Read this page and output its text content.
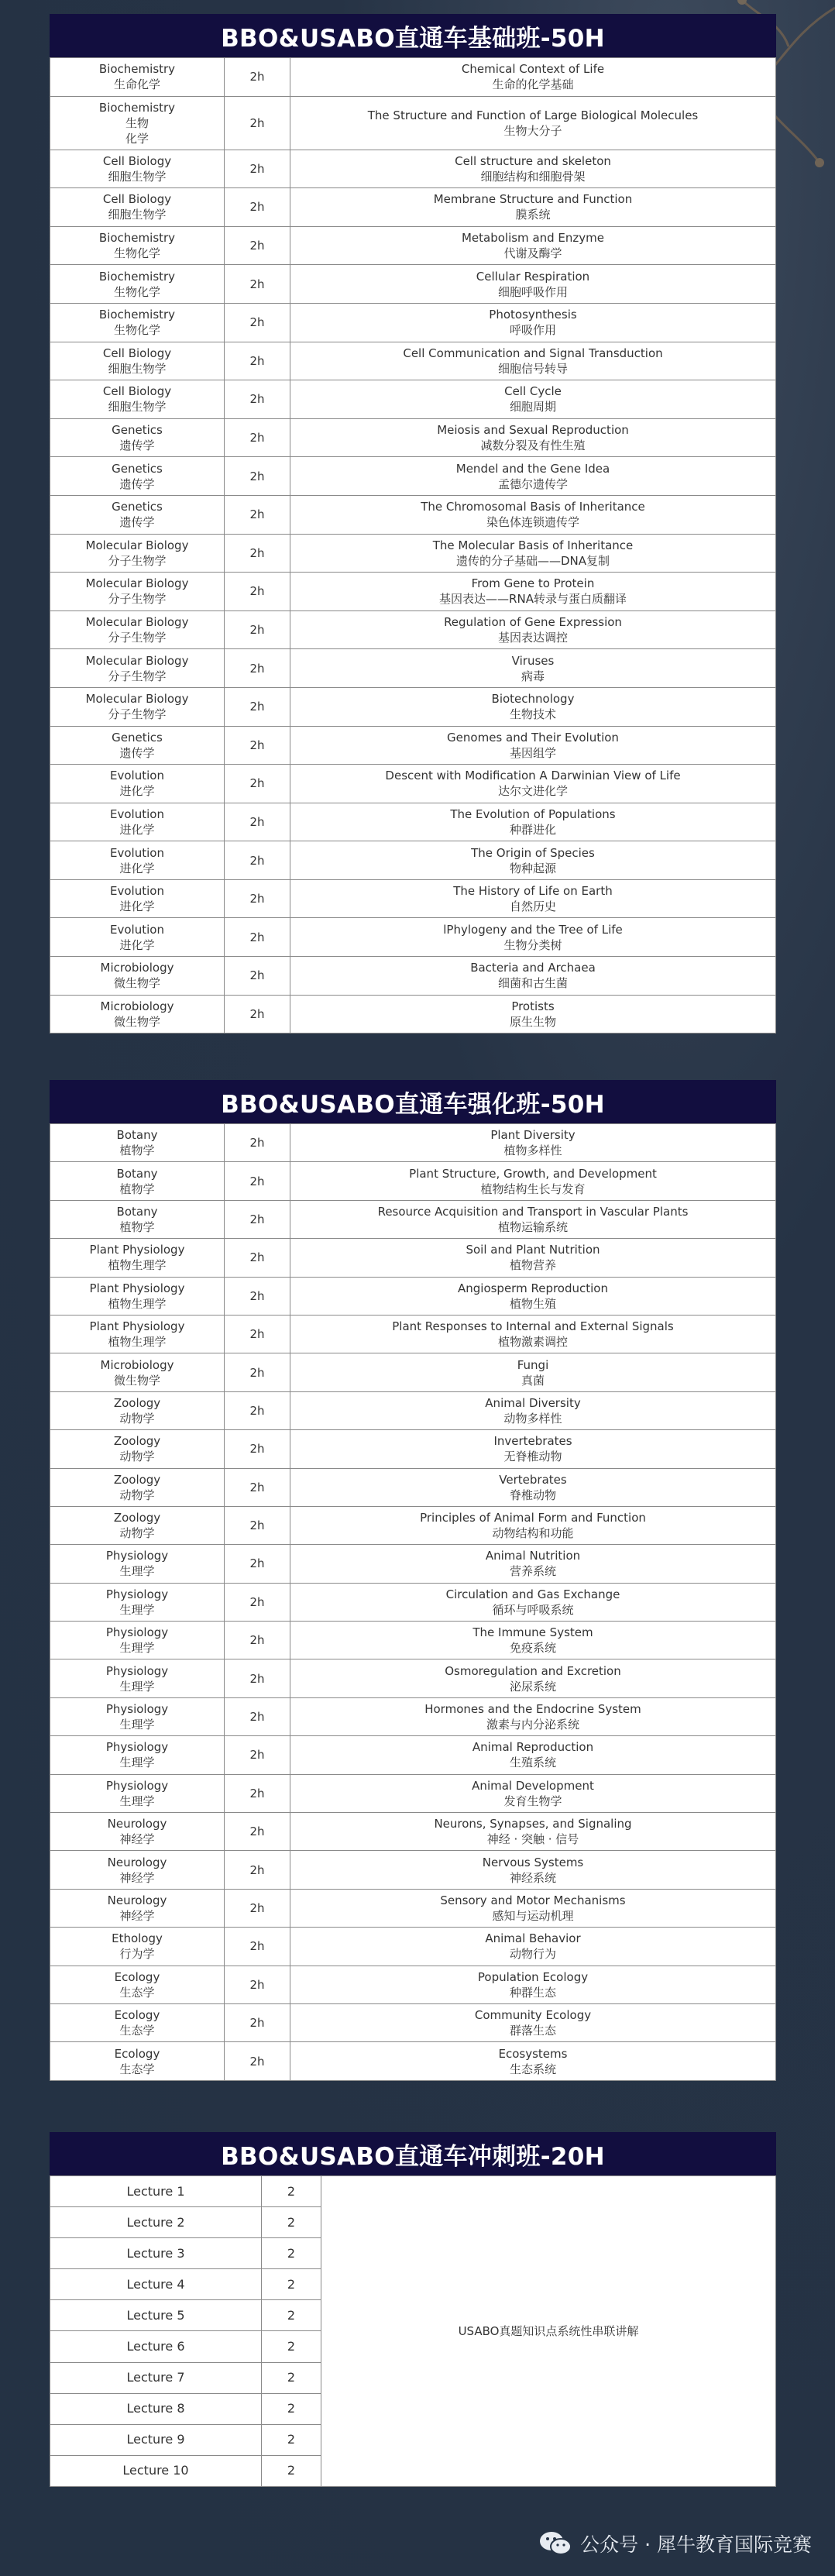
BBO&USABO直通车基础班-50H
Biochemistry
生命化学	2h	Chemical Context of Life
生命的化学基础

Biochemistry
生物
化学	2h	The Structure and Function of Large Biological Molecules
生物大分子

Cell Biology
细胞生物学	2h	Cell structure and skeleton
细胞结构和细胞骨架

Cell Biology
细胞生物学	2h	Membrane Structure and Function
膜系统

Biochemistry
生物化学	2h	Metabolism and Enzyme
代谢及酶学

Biochemistry
生物化学	2h	Cellular Respiration
细胞呼吸作用

Biochemistry
生物化学	2h	Photosynthesis
呼吸作用

Cell Biology
细胞生物学	2h	Cell Communication and Signal Transduction
细胞信号转导

Cell Biology
细胞生物学	2h	Cell Cycle
细胞周期

Genetics
遗传学	2h	Meiosis and Sexual Reproduction
减数分裂及有性生殖

Genetics
遗传学	2h	Mendel and the Gene Idea
孟德尔遗传学

Genetics
遗传学	2h	The Chromosomal Basis of Inheritance
染色体连锁遗传学

Molecular Biology
分子生物学	2h	The Molecular Basis of Inheritance
遗传的分子基础——DNA复制

Molecular Biology
分子生物学	2h	From Gene to Protein
基因表达——RNA转录与蛋白质翻译

Molecular Biology
分子生物学	2h	Regulation of Gene Expression
基因表达调控

Molecular Biology
分子生物学	2h	Viruses
病毒

Molecular Biology
分子生物学	2h	Biotechnology
生物技术

Genetics
遗传学	2h	Genomes and Their Evolution
基因组学

Evolution
进化学	2h	Descent with Modification A Darwinian View of Life
达尔文进化学

Evolution
进化学	2h	The Evolution of Populations
种群进化

Evolution
进化学	2h	The Origin of Species
物种起源

Evolution
进化学	2h	The History of Life on Earth
自然历史

Evolution
进化学	2h	lPhylogeny and the Tree of Life
生物分类树

Microbiology
微生物学	2h	Bacteria and Archaea
细菌和古生菌

Microbiology
微生物学	2h	Protists
原生生物
BBO&USABO直通车强化班-50H
Botany
植物学	2h	Plant Diversity
植物多样性

Botany
植物学	2h	Plant Structure, Growth, and Development
植物结构生长与发育

Botany
植物学	2h	Resource Acquisition and Transport in Vascular Plants
植物运输系统

Plant Physiology
植物生理学	2h	Soil and Plant Nutrition
植物营养

Plant Physiology
植物生理学	2h	Angiosperm Reproduction
植物生殖

Plant Physiology
植物生理学	2h	Plant Responses to Internal and External Signals
植物激素调控

Microbiology
微生物学	2h	Fungi
真菌

Zoology
动物学	2h	Animal Diversity
动物多样性

Zoology
动物学	2h	Invertebrates
无脊椎动物

Zoology
动物学	2h	Vertebrates
脊椎动物

Zoology
动物学	2h	Principles of Animal Form and Function
动物结构和功能

Physiology
生理学	2h	Animal Nutrition
营养系统

Physiology
生理学	2h	Circulation and Gas Exchange
循环与呼吸系统

Physiology
生理学	2h	The Immune System
免疫系统

Physiology
生理学	2h	Osmoregulation and Excretion
泌尿系统

Physiology
生理学	2h	Hormones and the Endocrine System
激素与内分泌系统

Physiology
生理学	2h	Animal Reproduction
生殖系统

Physiology
生理学	2h	Animal Development
发育生物学

Neurology
神经学	2h	Neurons, Synapses, and Signaling
神经 · 突触 · 信号

Neurology
神经学	2h	Nervous Systems
神经系统

Neurology
神经学	2h	Sensory and Motor Mechanisms
感知与运动机理

Ethology
行为学	2h	Animal Behavior
动物行为

Ecology
生态学	2h	Population Ecology
种群生态

Ecology
生态学	2h	Community Ecology
群落生态

Ecology
生态学	2h	Ecosystems
生态系统
BBO&USABO直通车冲刺班-20H
Lecture 1	2	USABO真题知识点系统性串联讲解
Lecture 2	2	
Lecture 3	2	
Lecture 4	2	
Lecture 5	2	
Lecture 6	2	
Lecture 7	2	
Lecture 8	2	
Lecture 9	2	
Lecture 10	2	
公众号 · 犀牛教育国际竞赛
